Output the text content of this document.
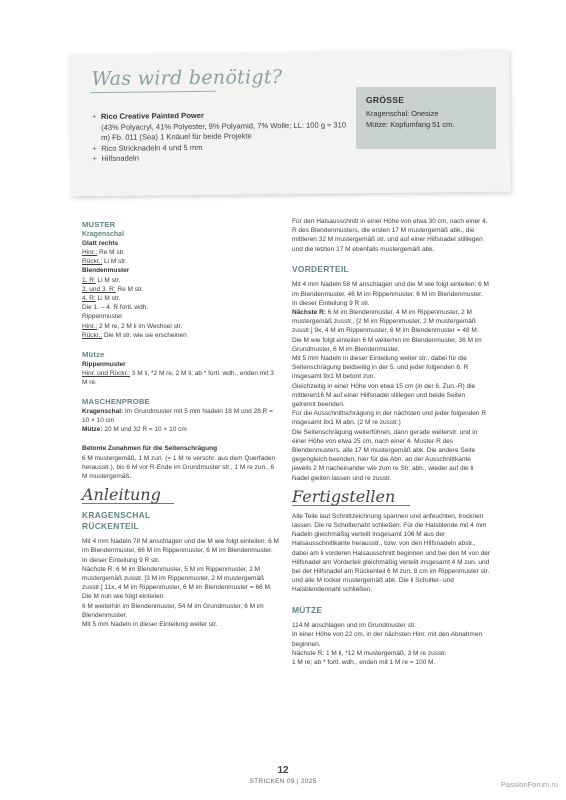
Was wird benötigt?
+ Rico Creative Painted Power
(43% Polyacryl, 41% Polyester, 9% Polyamid, 7% Wolle; LL: 100 g ≈ 310 m) Fb. 011 (Sea) 1 Knäuel für beide Projekte
+ Rico Stricknadeln 4 und 5 mm
+ Hilfsnadeln
GRÖSSE

Kragenschal: Onesize

Mütze: Kopfumfang 51 cm.

MUSTER
Kragenschal
Glatt rechts
Hinr.: Re M str.
Rückr.: Li M str.
Blendenmuster
1. R: Li M str.
2. und 3. R: Re M str.
4. R: Li M str.
Die 1. – 4. R fortl. wdh.
Rippenmuster
Hinr.: 2 M re, 2 M li im Wechsel str.
Rückr.: Die M str. wie sie erscheinen
Mütze
Rippenmuster
Hinr. und Rückr.: 3 M li, *2 M re, 2 M li; ab * fortl. wdh., enden mit 3 M re.
MASCHENPROBE
Kragenschal: Im Grundmuster mit 5 mm Nadeln 18 M und 28 R = 10 × 10 cm
Mütze: 20 M und 32 R = 10 × 10 cm
Betonte Zunahmen für die Seitenschrägung
6 M mustergemäß, 1 M zun. (= 1 M re verschr. aus dem Querfaden herausstr.), bis 6 M vor R-Ende im Grundmuster str., 1 M re zun., 6 M mustergemäß.
Anleitung
KRAGENSCHAL
RÜCKENTEIL
Mit 4 mm Nadeln 78 M anschlagen und die M wie folgt einteilen: 6 M im Blendenmuster, 66 M im Rippenmuster, 6 M im Blendenmuster.
In dieser Einteilung 9 R str.
Nächste R: 6 M im Blendenmuster, 5 M im Rippenmuster, 2 M mustergemäß zusstr. [3 M im Rippenmuster, 2 M mustergemäß zusstr.] 11x, 4 M im Rippenmuster, 6 M im Blendenmuster = 66 M.
Die M nun wie folgt einteilen:
6 M weiterhin im Blendenmuster, 54 M im Grundmuster, 6 M im Blendenmuster.
Mit 5 mm Nadeln in dieser Einteilung weiter str.
Für den Halsausschnitt in einer Höhe von etwa 30 cm, nach einer 4. R des Blendenmusters, die ersten 17 M mustergemäß abk., die mittleren 32 M mustergemäß str. und auf einer Hilfsnadel stilllegen und die letzten 17 M ebenfalls mustergemäß abk.
VORDERTEIL
Mit 4 mm Nadeln 58 M anschlagen und die M wie folgt einteilen: 6 M im Blendenmuster, 46 M im Rippenmuster, 6 M im Blendenmuster.
In dieser Einteilung 9 R str.
Nächste R: 6 M im Blendenmuster, 4 M im Rippenmuster, 2 M mustergemäß zusstr., [2 M im Rippenmuster, 2 M mustergemäß zusstr.] 9x, 4 M im Rippenmuster, 6 M im Blendenmuster = 48 M.
Die M wie folgt einteilen 6 M weiterhin im Blendenmuster, 36 M im Grundmuster, 6 M im Blendenmuster.
Mit 5 mm Nadeln in dieser Einteilung weiter str., dabei für die Seitenschrägung beidseitig in der 5. und jeder folgenden 6. R insgesamt 9x1 M betont zun.
Gleichzeitig in einer Höhe von etwa 15 cm (in der 6. Zun.-R) die mittleren16 M auf einer Hilfsnadel stillegen und beide Seiten getrennt beenden.
Für die Ausschnittschrägung in der nächsten und jeder folgenden R insgesamt 8x1 M abn. (2 M re zusstr.)
Die Seitenschrägung weiterführen, dann gerade weiterstr. und in einer Höhe von etwa 25 cm, nach einer 4. Muster-R des Blendenmusters, alle 17 M mustergemäß abk. Die andere Seite gegengleich beenden, hier für die Abn. an der Ausschnittkante jeweils 2 M nacheinander wie zum re Str. abh., wieder auf die li Nadel gleiten lassen und re zusstr.
Fertigstellen
Alle Teile laut Schnittzeichnung spannen und anfeuchten, trocknen lassen. Die re Schulternaht schließen. Für die Halsblende mit 4 mm Nadeln gleichmäßig verteilt insgesamt 106 M aus der Halsausschnittkante herausstr., bzw. von den Hilfsnadeln abstr., dabei am li vorderen Halsausschnitt beginnen und bei den M von der Hilfsnadel am Vorderteil gleichmäßig verteilt insgesamt 4 M zun. und bei der Hilfsnadel am Rückenteil 6 M zun. 8 cm im Rippenmuster str. und alle M locker mustergemäß abk. Die li Schulter- und Halsblendennaht schließen.
MÜTZE
114 M anschlagen und im Grundmuster str.
In einer Höhe von 22 cm, in der nächsten Hinr. mit den Abnahmen beginnen.
Nächste R: 1 M li, *12 M mustergemäß, 3 M re zusstr.
1 M re; ab * fortl. wdh., enden mit 1 M re = 100 M.
12
STRICKEN 09 | 2025	PassionForum.ru
